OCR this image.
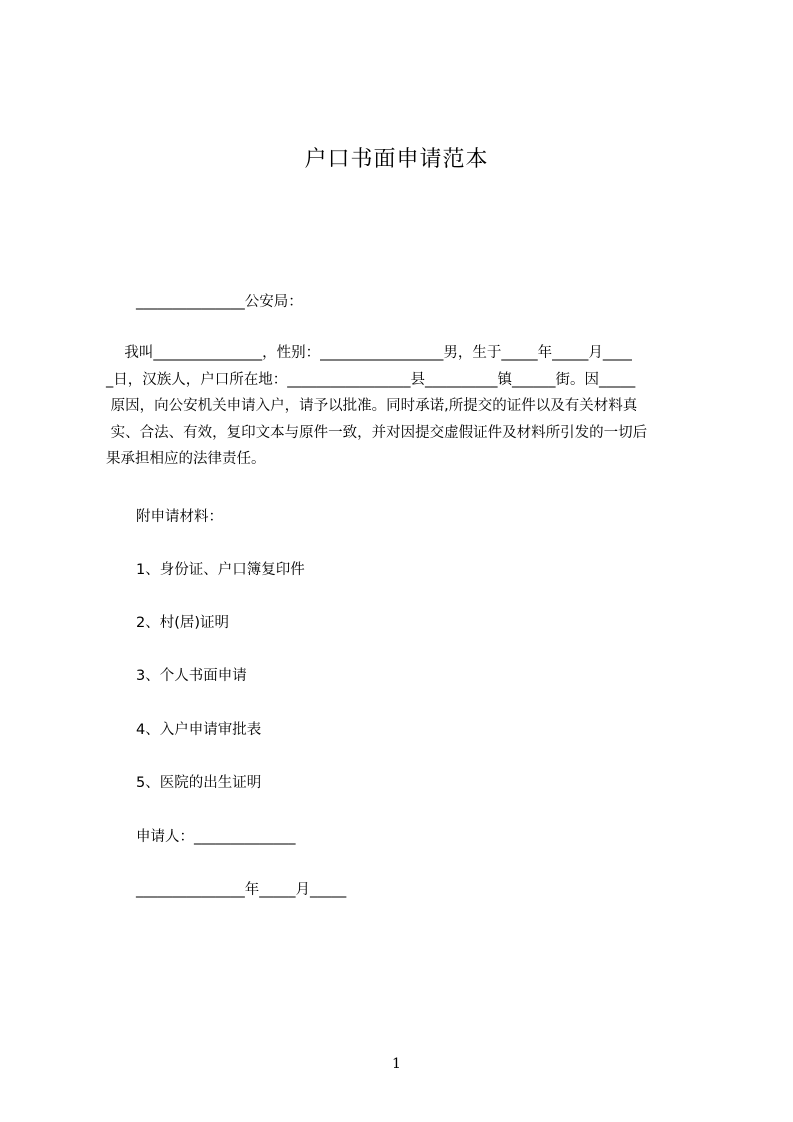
户口书面申请范本
_______________公安局：
我叫_______________，性别：_________________男，生于_____年_____月____
_日，汉族人，户口所在地：_________________县__________镇______街。因_____
原因，向公安机关申请入户，请予以批准。同时承诺,所提交的证件以及有关材料真
实、合法、有效，复印文本与原件一致，并对因提交虚假证件及材料所引发的一切后
果承担相应的法律责任。
附申请材料：
1、身份证、户口簿复印件
2、村(居)证明
3、个人书面申请
4、入户申请审批表
5、医院的出生证明
申请人：______________
_______________年_____月_____
1
